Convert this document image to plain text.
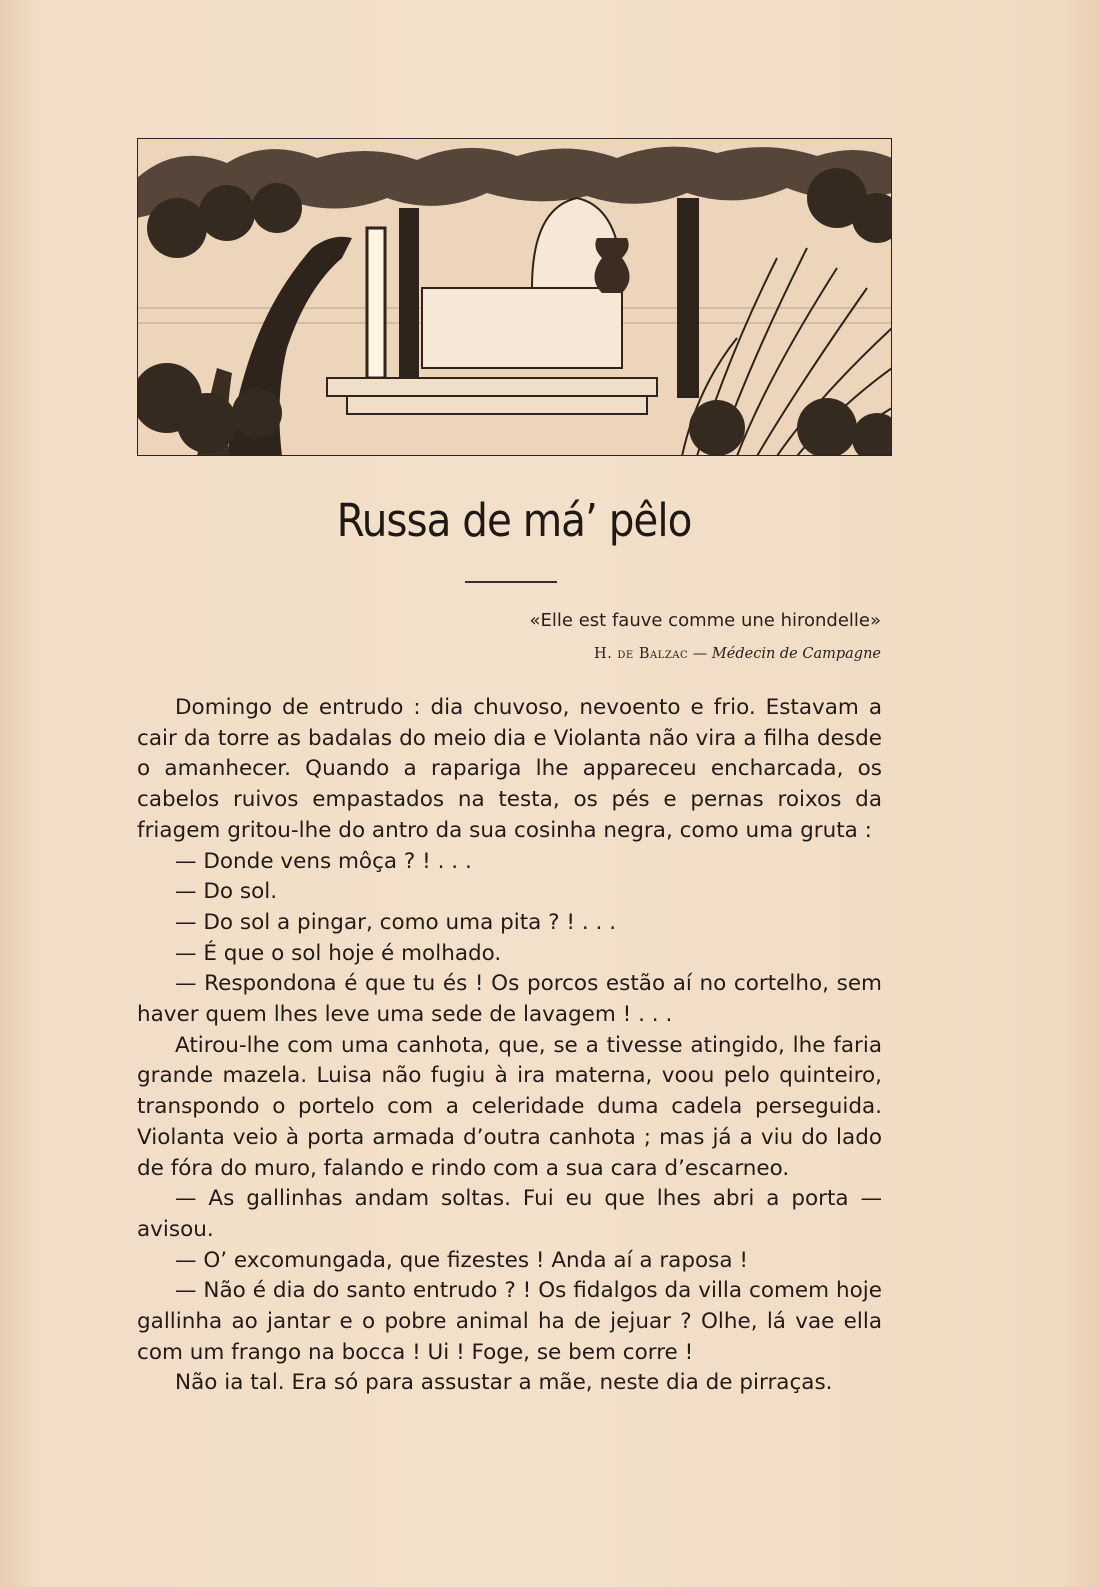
Russa de má’ pêlo
«Elle est fauve comme une hirondelle»
H. de Balzac — Médecin de Campagne

Domingo de entrudo : dia chuvoso, nevoento e frio. Estavam a cair da torre as badalas do meio dia e Violanta não vira a filha desde o amanhecer. Quando a rapariga lhe appareceu encharcada, os cabelos ruivos empastados na testa, os pés e pernas roixos da friagem gritou-lhe do antro da sua cosinha negra, como uma gruta :

— Donde vens môça ? ! . . .

— Do sol.

— Do sol a pingar, como uma pita ? ! . . .

— É que o sol hoje é molhado.

— Respondona é que tu és ! Os porcos estão aí no cortelho, sem haver quem lhes leve uma sede de lavagem ! . . .

Atirou-lhe com uma canhota, que, se a tivesse atingido, lhe faria grande mazela. Luisa não fugiu à ira materna, voou pelo quinteiro, transpondo o portelo com a celeridade duma cadela perseguida. Violanta veio à porta armada d’outra canhota ; mas já a viu do lado de fóra do muro, falando e rindo com a sua cara d’escarneo.

— As gallinhas andam soltas. Fui eu que lhes abri a porta — avisou.

— O’ excomungada, que fizestes ! Anda aí a raposa !

— Não é dia do santo entrudo ? ! Os fidalgos da villa comem hoje gallinha ao jantar e o pobre animal ha de jejuar ? Olhe, lá vae ella com um frango na bocca ! Ui ! Foge, se bem corre !

Não ia tal. Era só para assustar a mãe, neste dia de pirraças.
